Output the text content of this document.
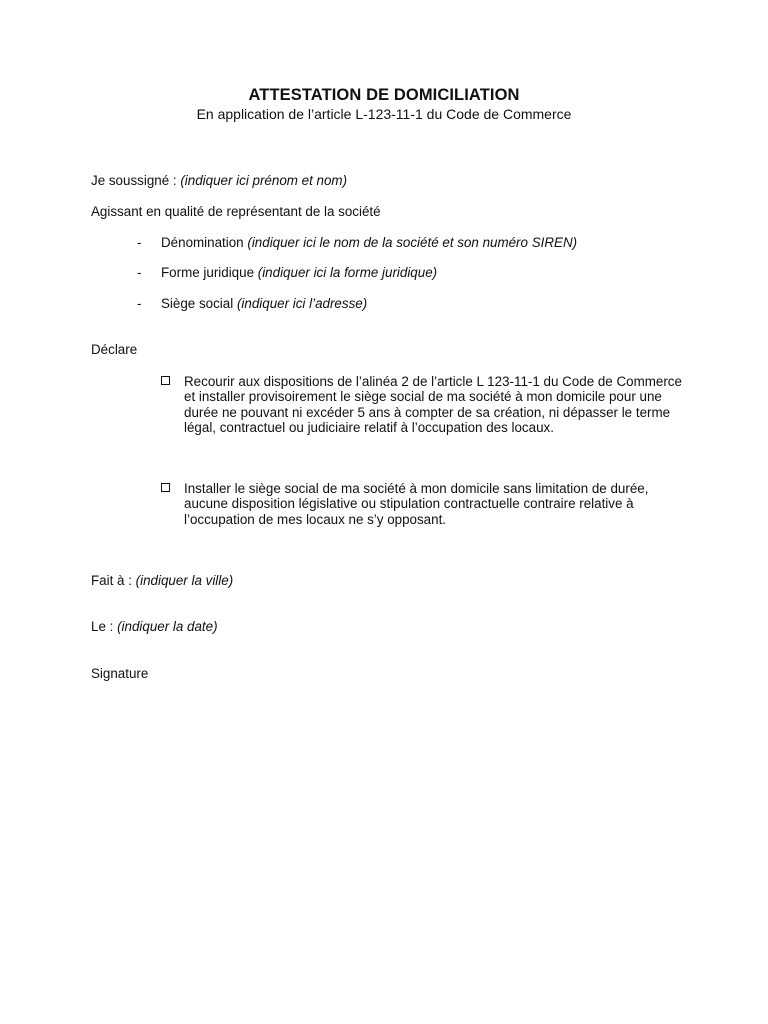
ATTESTATION DE DOMICILIATION
En application de l’article L-123-11-1 du Code de Commerce
Je soussigné : (indiquer ici prénom et nom)
Agissant en qualité de représentant de la société
- Dénomination (indiquer ici le nom de la société et son numéro SIREN)
- Forme juridique (indiquer ici la forme juridique)
- Siège social (indiquer ici l’adresse)
Déclare
Recourir aux dispositions de l’alinéa 2 de l’article L 123-11-1 du Code de Commerce et installer provisoirement le siège social de ma société à mon domicile pour une durée ne pouvant ni excéder 5 ans à compter de sa création, ni dépasser le terme légal, contractuel ou judiciaire relatif à l’occupation des locaux.
Installer le siège social de ma société à mon domicile sans limitation de durée, aucune disposition législative ou stipulation contractuelle contraire relative à l’occupation de mes locaux ne s’y opposant.
Fait à : (indiquer la ville)
Le : (indiquer la date)
Signature
